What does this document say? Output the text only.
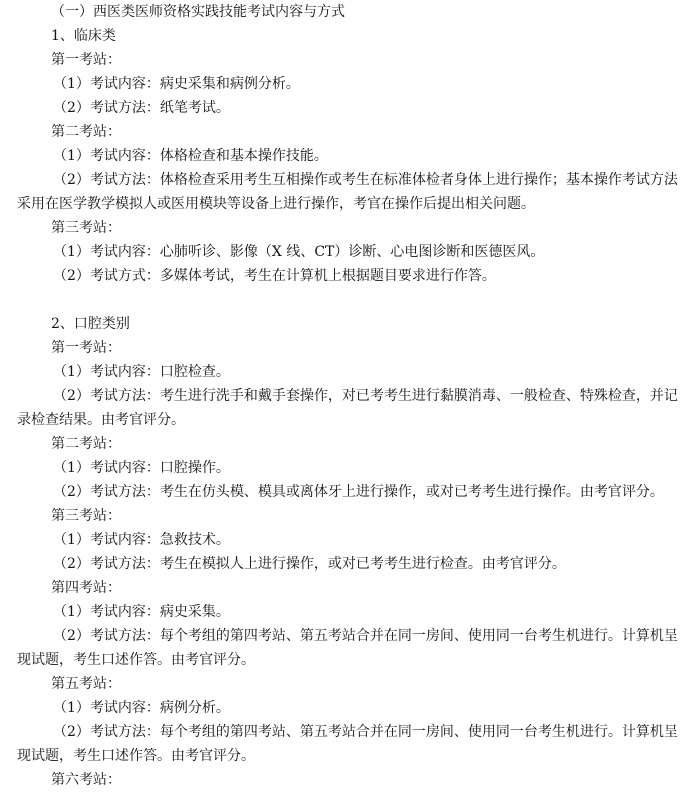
（一）西医类医师资格实践技能考试内容与方式
1、临床类
第一考站：
（1）考试内容：病史采集和病例分析。
（2）考试方法：纸笔考试。
第二考站：
（1）考试内容：体格检查和基本操作技能。
（2）考试方法：体格检查采用考生互相操作或考生在标准体检者身体上进行操作；基本操作考试方法采用在医学教学模拟人或医用模块等设备上进行操作，考官在操作后提出相关问题。
第三考站：
（1）考试内容：心肺听诊、影像（X 线、CT）诊断、心电图诊断和医德医风。
（2）考试方式：多媒体考试，考生在计算机上根据题目要求进行作答。
2、口腔类别
第一考站：
（1）考试内容：口腔检查。
（2）考试方法：考生进行洗手和戴手套操作，对已考考生进行黏膜消毒、一般检查、特殊检查，并记录检查结果。由考官评分。
第二考站：
（1）考试内容：口腔操作。
（2）考试方法：考生在仿头模、模具或离体牙上进行操作，或对已考考生进行操作。由考官评分。
第三考站：
（1）考试内容：急救技术。
（2）考试方法：考生在模拟人上进行操作，或对已考考生进行检查。由考官评分。
第四考站：
（1）考试内容：病史采集。
（2）考试方法：每个考组的第四考站、第五考站合并在同一房间、使用同一台考生机进行。计算机呈现试题，考生口述作答。由考官评分。
第五考站：
（1）考试内容：病例分析。
（2）考试方法：每个考组的第四考站、第五考站合并在同一房间、使用同一台考生机进行。计算机呈现试题，考生口述作答。由考官评分。
第六考站：
